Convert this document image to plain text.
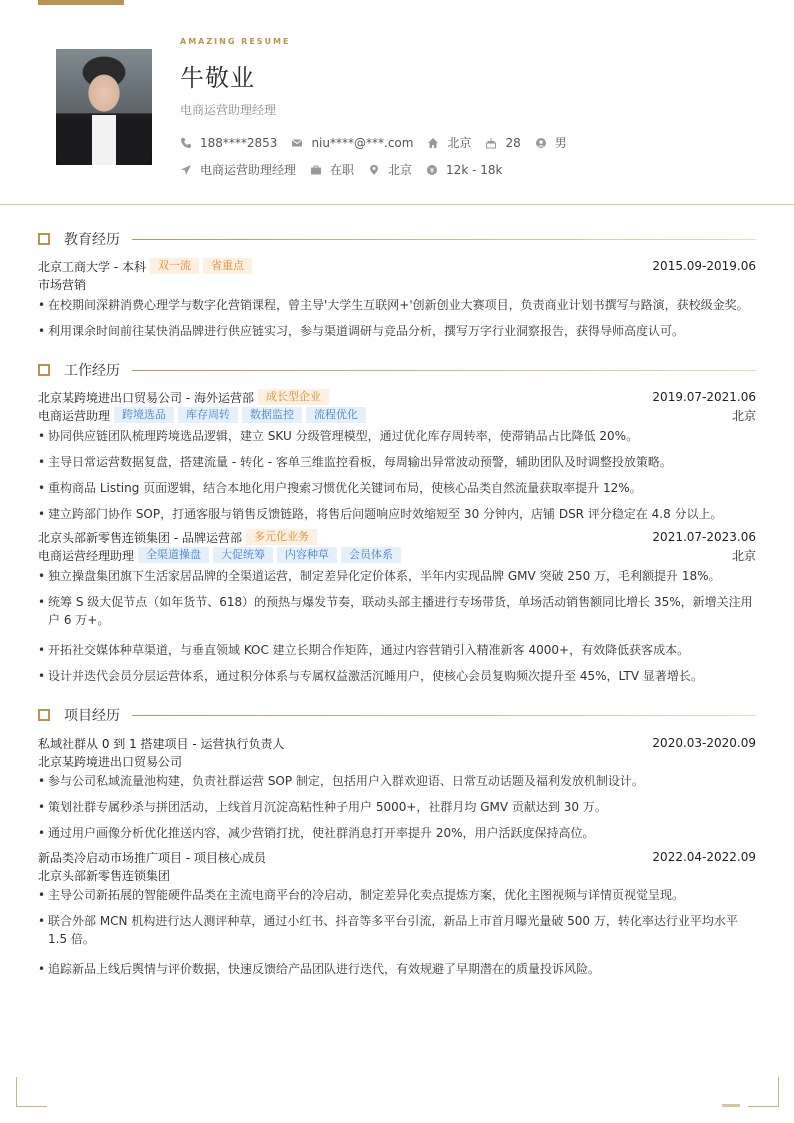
AMAZING RESUME
牛敬业
电商运营助理经理
188****2853	niu****@***.com	北京	28	男
电商运营助理经理	在职	北京	12k - 18k
教育经历
北京工商大学 - 本科	双一流	省重点	2015.09-2019.06
市场营销
• 在校期间深耕消费心理学与数字化营销课程，曾主导'大学生互联网+'创新创业大赛项目，负责商业计划书撰写与路演，获校级金奖。
• 利用课余时间前往某快消品牌进行供应链实习，参与渠道调研与竞品分析，撰写万字行业洞察报告，获得导师高度认可。
工作经历
北京某跨境进出口贸易公司 - 海外运营部	成长型企业	2019.07-2021.06
电商运营助理	跨境选品	库存周转	数据监控	流程优化	北京
• 协同供应链团队梳理跨境选品逻辑，建立 SKU 分级管理模型，通过优化库存周转率，使滞销品占比降低 20%。
• 主导日常运营数据复盘，搭建流量 - 转化 - 客单三维监控看板，每周输出异常波动预警，辅助团队及时调整投放策略。
• 重构商品 Listing 页面逻辑，结合本地化用户搜索习惯优化关键词布局，使核心品类自然流量获取率提升 12%。
• 建立跨部门协作 SOP，打通客服与销售反馈链路，将售后问题响应时效缩短至 30 分钟内，店铺 DSR 评分稳定在 4.8 分以上。
北京头部新零售连锁集团 - 品牌运营部	多元化业务	2021.07-2023.06
电商运营经理助理	全渠道操盘	大促统筹	内容种草	会员体系	北京
• 独立操盘集团旗下生活家居品牌的全渠道运营，制定差异化定价体系，半年内实现品牌 GMV 突破 250 万，毛利额提升 18%。
• 统筹 S 级大促节点（如年货节、618）的预热与爆发节奏，联动头部主播进行专场带货，单场活动销售额同比增长 35%，新增关注用户 6 万+。
• 开拓社交媒体种草渠道，与垂直领域 KOC 建立长期合作矩阵，通过内容营销引入精准新客 4000+，有效降低获客成本。
• 设计并迭代会员分层运营体系，通过积分体系与专属权益激活沉睡用户，使核心会员复购频次提升至 45%，LTV 显著增长。
项目经历
私域社群从 0 到 1 搭建项目 - 运营执行负责人	2020.03-2020.09
北京某跨境进出口贸易公司
• 参与公司私域流量池构建，负责社群运营 SOP 制定，包括用户入群欢迎语、日常互动话题及福利发放机制设计。
• 策划社群专属秒杀与拼团活动，上线首月沉淀高粘性种子用户 5000+，社群月均 GMV 贡献达到 30 万。
• 通过用户画像分析优化推送内容，减少营销打扰，使社群消息打开率提升 20%，用户活跃度保持高位。
新品类冷启动市场推广项目 - 项目核心成员	2022.04-2022.09
北京头部新零售连锁集团
• 主导公司新拓展的智能硬件品类在主流电商平台的冷启动，制定差异化卖点提炼方案，优化主图视频与详情页视觉呈现。
• 联合外部 MCN 机构进行达人测评种草，通过小红书、抖音等多平台引流，新品上市首月曝光量破 500 万，转化率达行业平均水平 1.5 倍。
• 追踪新品上线后舆情与评价数据，快速反馈给产品团队进行迭代，有效规避了早期潜在的质量投诉风险。
